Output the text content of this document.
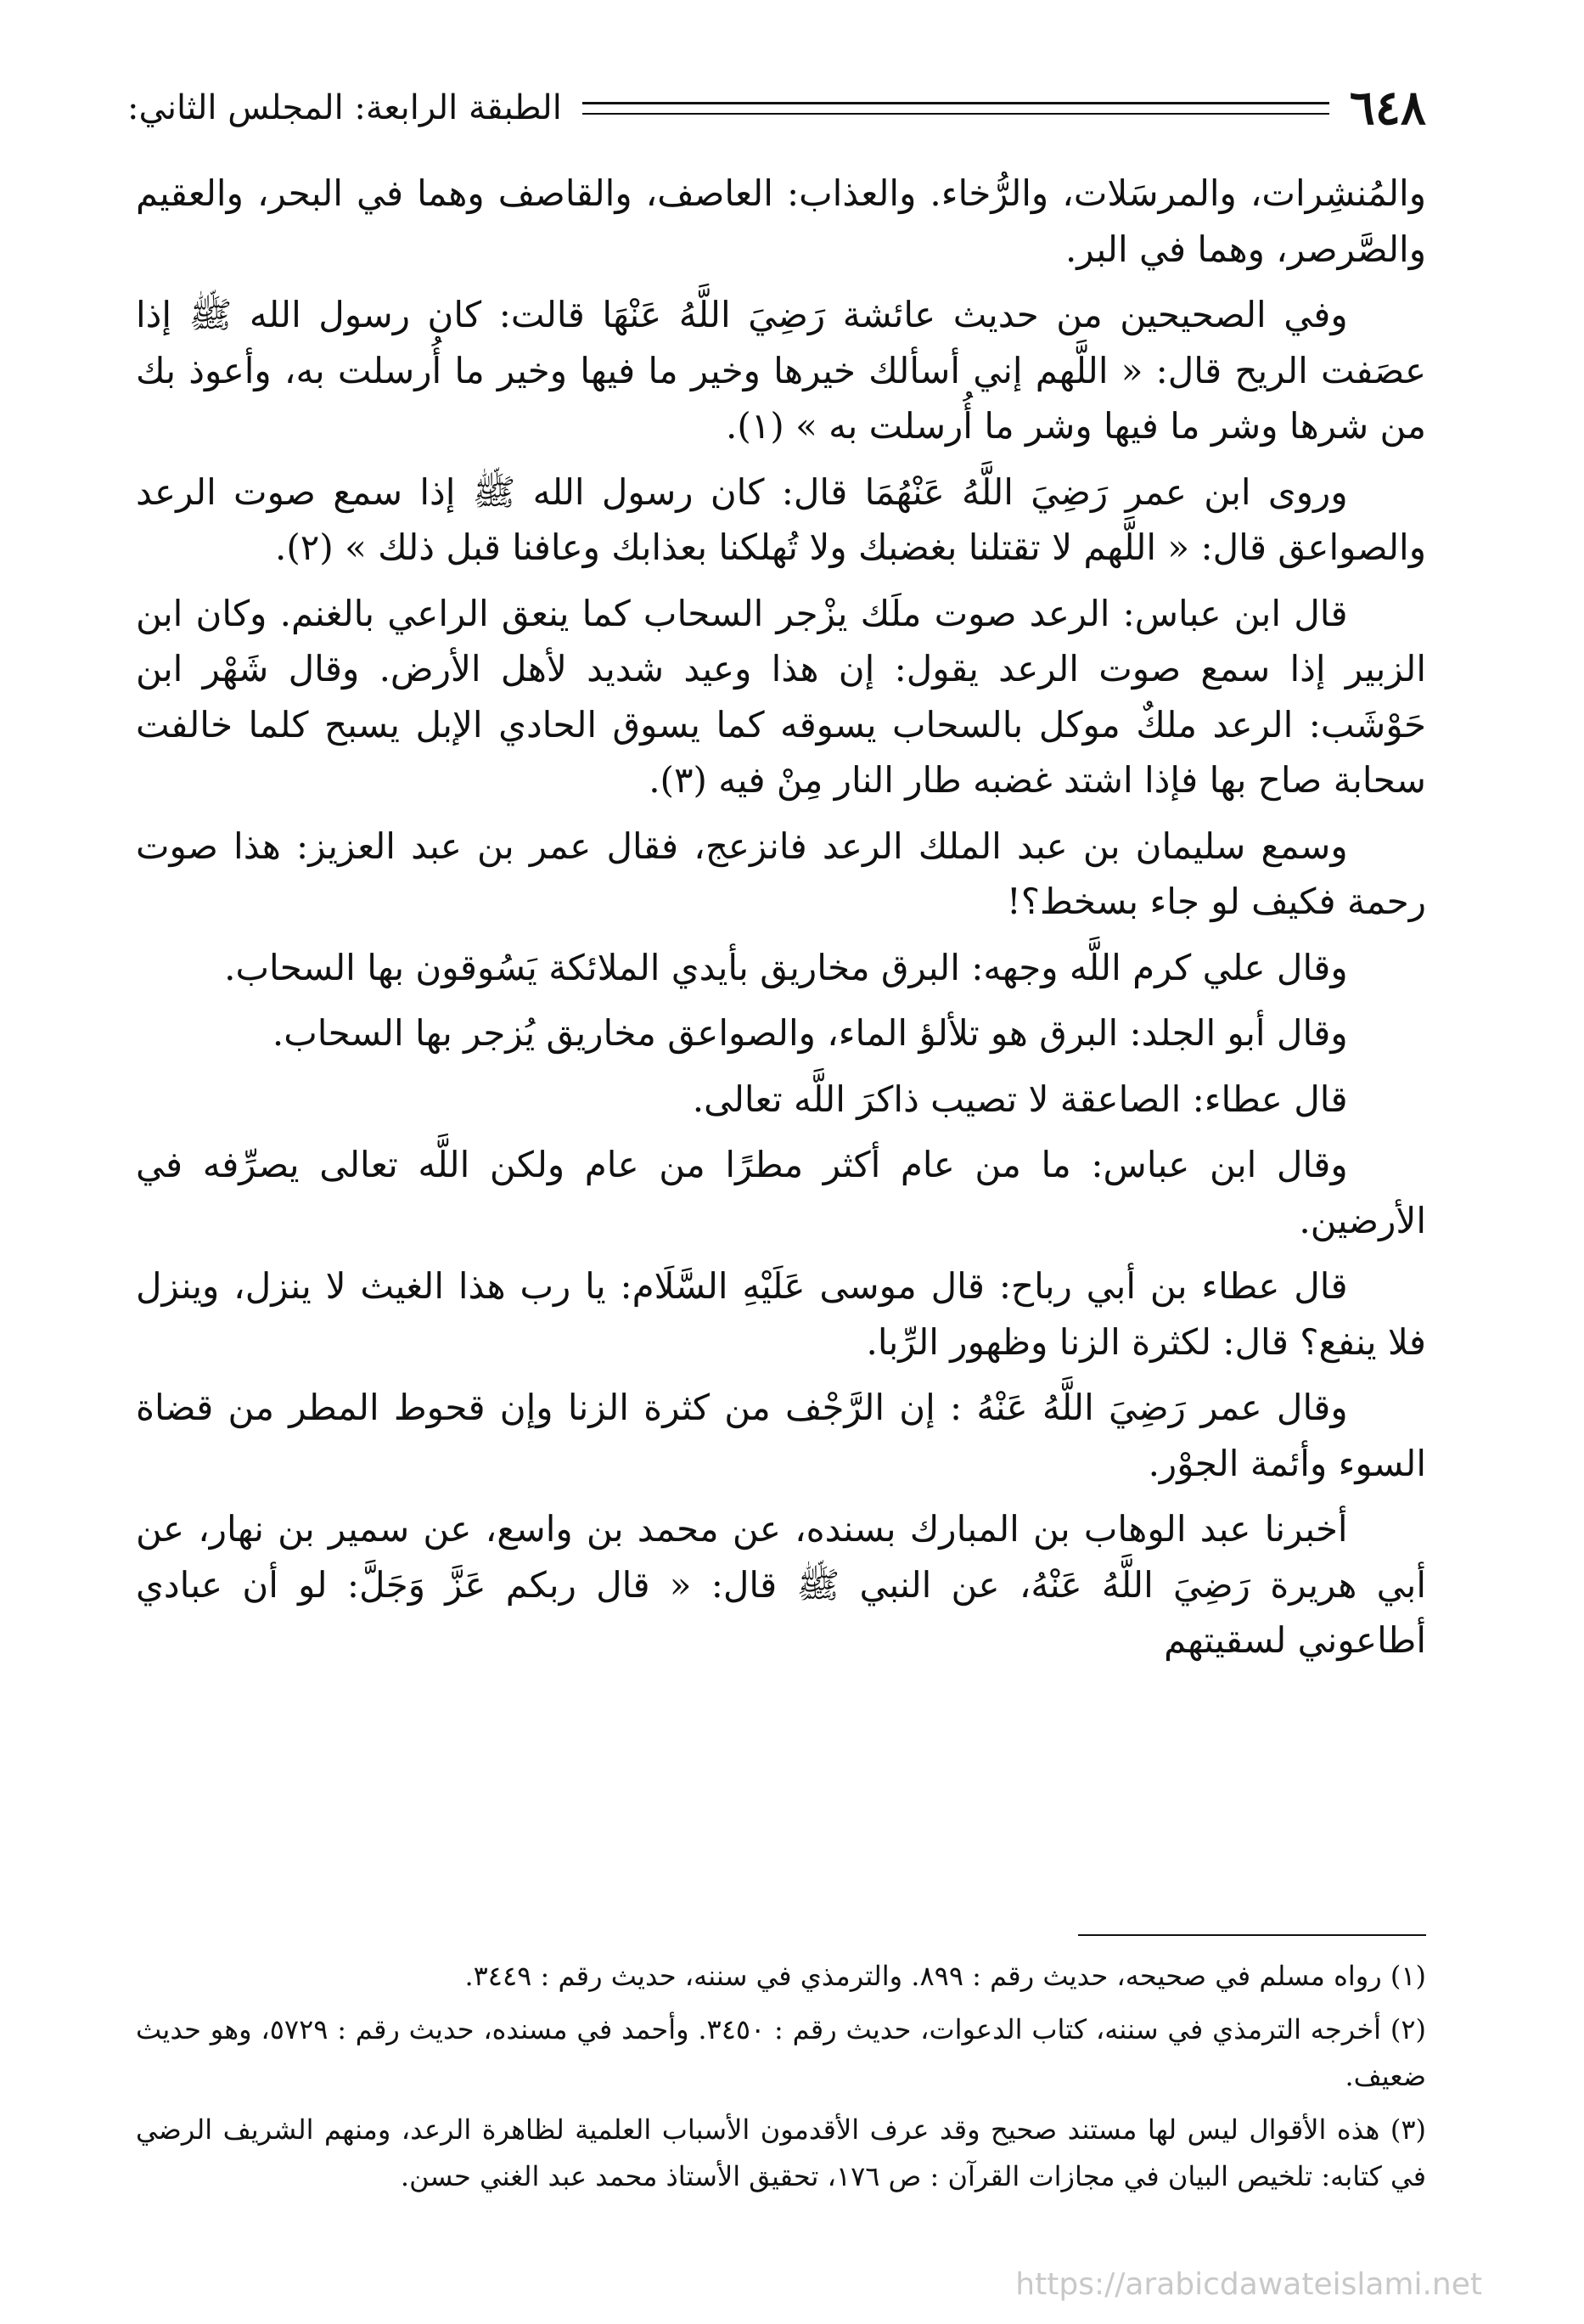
٦٤٨
الطبقة الرابعة: المجلس الثاني:

والمُنشِرات، والمرسَلات، والرُّخاء. والعذاب: العاصف، والقاصف وهما في البحر، والعقيم والصَّرصر، وهما في البر.

وفي الصحيحين من حديث عائشة رَضِيَ اللَّهُ عَنْهَا قالت: كان رسول الله ﷺ إذا عصَفت الريح قال: « اللَّهم إني أسألك خيرها وخير ما فيها وخير ما أُرسلت به، وأعوذ بك من شرها وشر ما فيها وشر ما أُرسلت به » (١).

وروى ابن عمر رَضِيَ اللَّهُ عَنْهُمَا قال: كان رسول الله ﷺ إذا سمع صوت الرعد والصواعق قال: « اللَّهم لا تقتلنا بغضبك ولا تُهلكنا بعذابك وعافنا قبل ذلك » (٢).

قال ابن عباس: الرعد صوت ملَك يزْجر السحاب كما ينعق الراعي بالغنم. وكان ابن الزبير إذا سمع صوت الرعد يقول: إن هذا وعيد شديد لأهل الأرض. وقال شَهْر ابن حَوْشَب: الرعد ملكٌ موكل بالسحاب يسوقه كما يسوق الحادي الإبل يسبح كلما خالفت سحابة صاح بها فإذا اشتد غضبه طار النار مِنْ فيه (٣).

وسمع سليمان بن عبد الملك الرعد فانزعج، فقال عمر بن عبد العزيز: هذا صوت رحمة فكيف لو جاء بسخط؟!

وقال علي كرم اللَّه وجهه: البرق مخاريق بأيدي الملائكة يَسُوقون بها السحاب.

وقال أبو الجلد: البرق هو تلألؤ الماء، والصواعق مخاريق يُزجر بها السحاب.

قال عطاء: الصاعقة لا تصيب ذاكرَ اللَّه تعالى.

وقال ابن عباس: ما من عام أكثر مطرًا من عام ولكن اللَّه تعالى يصرِّفه في الأرضين.

قال عطاء بن أبي رباح: قال موسى عَلَيْهِ السَّلَام: يا رب هذا الغيث لا ينزل، وينزل فلا ينفع؟ قال: لكثرة الزنا وظهور الرِّبا.

وقال عمر رَضِيَ اللَّهُ عَنْهُ : إن الرَّجْف من كثرة الزنا وإن قحوط المطر من قضاة السوء وأئمة الجوْر.

أخبرنا عبد الوهاب بن المبارك بسنده، عن محمد بن واسع، عن سمير بن نهار، عن أبي هريرة رَضِيَ اللَّهُ عَنْهُ، عن النبي ﷺ قال: « قال ربكم عَزَّ وَجَلَّ: لو أن عبادي أطاعوني لسقيتهم

(١) رواه مسلم في صحيحه، حديث رقم : ٨٩٩. والترمذي في سننه، حديث رقم : ٣٤٤٩.

(٢) أخرجه الترمذي في سننه، كتاب الدعوات، حديث رقم : ٣٤٥٠. وأحمد في مسنده، حديث رقم : ٥٧٢٩، وهو حديث ضعيف.

(٣) هذه الأقوال ليس لها مستند صحيح وقد عرف الأقدمون الأسباب العلمية لظاهرة الرعد، ومنهم الشريف الرضي في كتابه: تلخيص البيان في مجازات القرآن : ص ١٧٦، تحقيق الأستاذ محمد عبد الغني حسن.

https://arabicdawateislami.net
